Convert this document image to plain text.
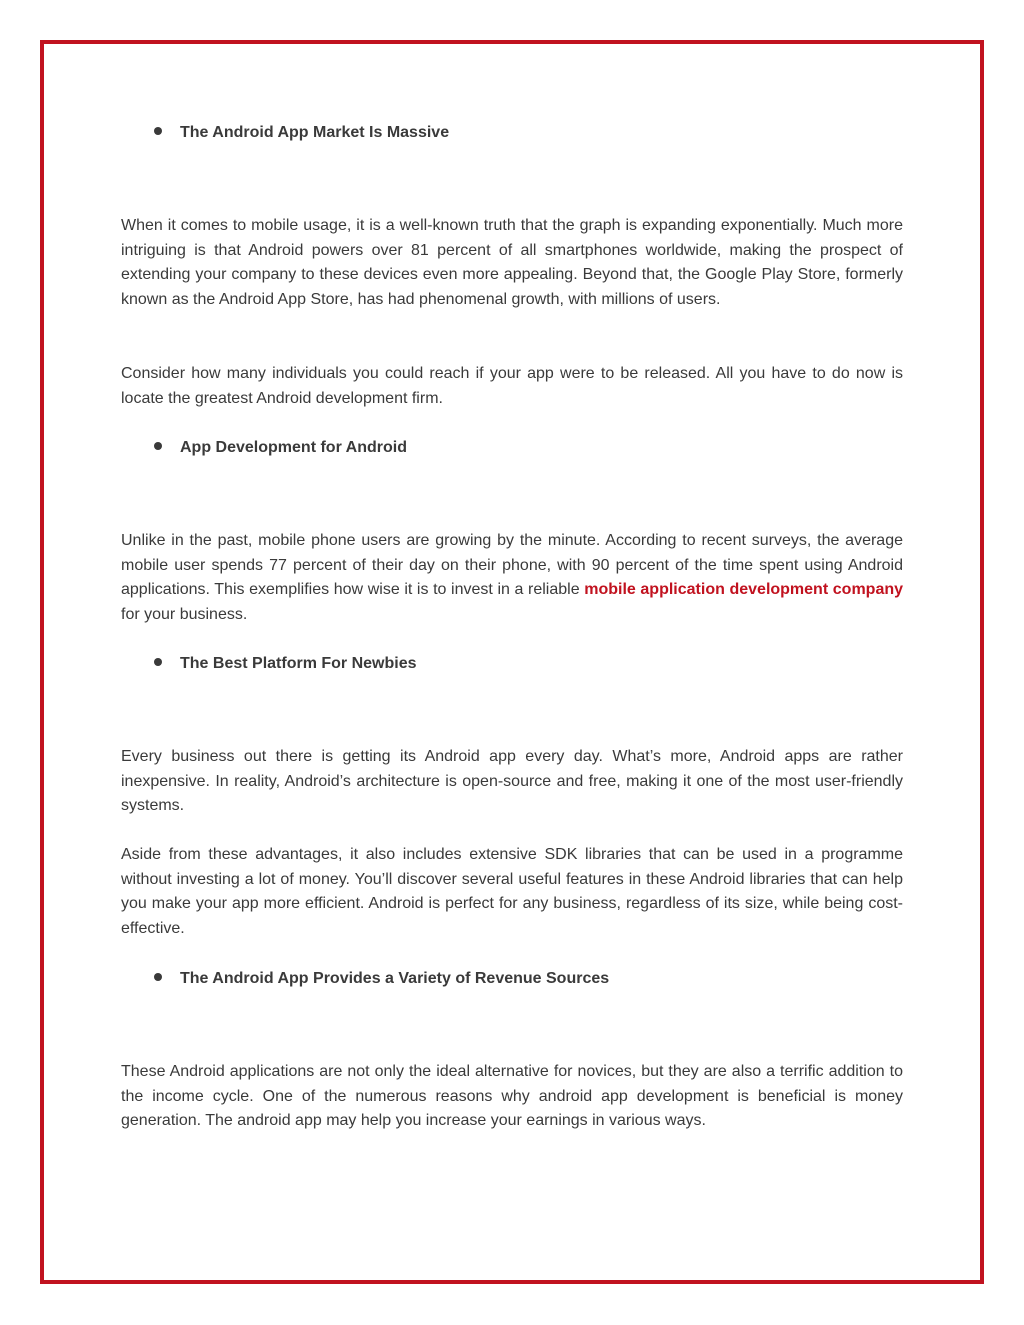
The Android App Market Is Massive
When it comes to mobile usage, it is a well-known truth that the graph is expanding exponentially. Much more intriguing is that Android powers over 81 percent of all smartphones worldwide, making the prospect of extending your company to these devices even more appealing. Beyond that, the Google Play Store, formerly known as the Android App Store, has had phenomenal growth, with millions of users.
Consider how many individuals you could reach if your app were to be released. All you have to do now is locate the greatest Android development firm.
App Development for Android
Unlike in the past, mobile phone users are growing by the minute. According to recent surveys, the average mobile user spends 77 percent of their day on their phone, with 90 percent of the time spent using Android applications. This exemplifies how wise it is to invest in a reliable mobile application development company for your business.
The Best Platform For Newbies
Every business out there is getting its Android app every day. What’s more, Android apps are rather inexpensive. In reality, Android’s architecture is open-source and free, making it one of the most user-friendly systems.
Aside from these advantages, it also includes extensive SDK libraries that can be used in a programme without investing a lot of money. You’ll discover several useful features in these Android libraries that can help you make your app more efficient. Android is perfect for any business, regardless of its size, while being cost-effective.
The Android App Provides a Variety of Revenue Sources
These Android applications are not only the ideal alternative for novices, but they are also a terrific addition to the income cycle. One of the numerous reasons why android app development is beneficial is money generation. The android app may help you increase your earnings in various ways.
